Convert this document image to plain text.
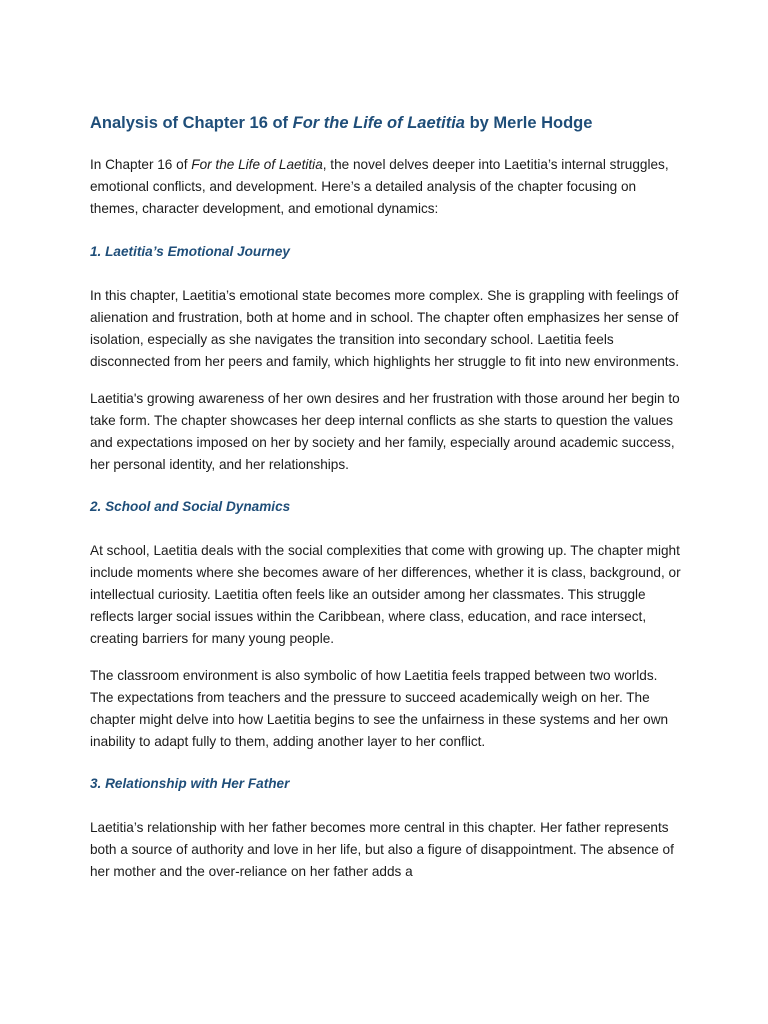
Analysis of Chapter 16 of For the Life of Laetitia by Merle Hodge

In Chapter 16 of For the Life of Laetitia, the novel delves deeper into Laetitia’s internal struggles, emotional conflicts, and development. Here’s a detailed analysis of the chapter focusing on themes, character development, and emotional dynamics:

1. Laetitia’s Emotional Journey

In this chapter, Laetitia’s emotional state becomes more complex. She is grappling with feelings of alienation and frustration, both at home and in school. The chapter often emphasizes her sense of isolation, especially as she navigates the transition into secondary school. Laetitia feels disconnected from her peers and family, which highlights her struggle to fit into new environments.

Laetitia's growing awareness of her own desires and her frustration with those around her begin to take form. The chapter showcases her deep internal conflicts as she starts to question the values and expectations imposed on her by society and her family, especially around academic success, her personal identity, and her relationships.

2. School and Social Dynamics

At school, Laetitia deals with the social complexities that come with growing up. The chapter might include moments where she becomes aware of her differences, whether it is class, background, or intellectual curiosity. Laetitia often feels like an outsider among her classmates. This struggle reflects larger social issues within the Caribbean, where class, education, and race intersect, creating barriers for many young people.

The classroom environment is also symbolic of how Laetitia feels trapped between two worlds. The expectations from teachers and the pressure to succeed academically weigh on her. The chapter might delve into how Laetitia begins to see the unfairness in these systems and her own inability to adapt fully to them, adding another layer to her conflict.

3. Relationship with Her Father

Laetitia’s relationship with her father becomes more central in this chapter. Her father represents both a source of authority and love in her life, but also a figure of disappointment. The absence of her mother and the over-reliance on her father adds a
